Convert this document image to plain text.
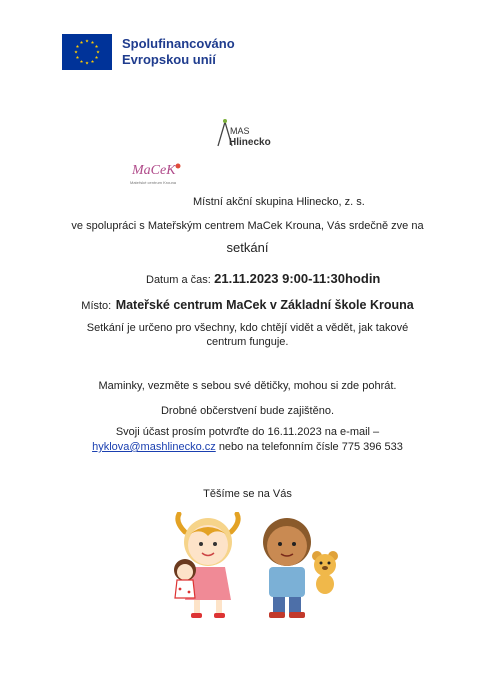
Spolufinancováno
Evropskou unií
MAS
Hlinecko
MaCeK
Mateřské centrum Krouna
Místní akční skupina Hlinecko, z. s.
ve spolupráci s Mateřským centrem MaCek Krouna, Vás srdečně zve na
setkání
Datum a čas: 21.11.2023 9:00-11:30hodin
Místo: Mateřské centrum MaCek v Základní škole Krouna
Setkání je určeno pro všechny, kdo chtějí vidět a vědět, jak takové
centrum funguje.
Maminky, vezměte s sebou své dětičky, mohou si zde pohrát.
Drobné občerstvení bude zajištěno.
Svoji účast prosím potvrďte do 16.11.2023 na e-mail –
hyklova@mashlinecko.cz nebo na telefonním čísle 775 396 533
Těšíme se na Vás
